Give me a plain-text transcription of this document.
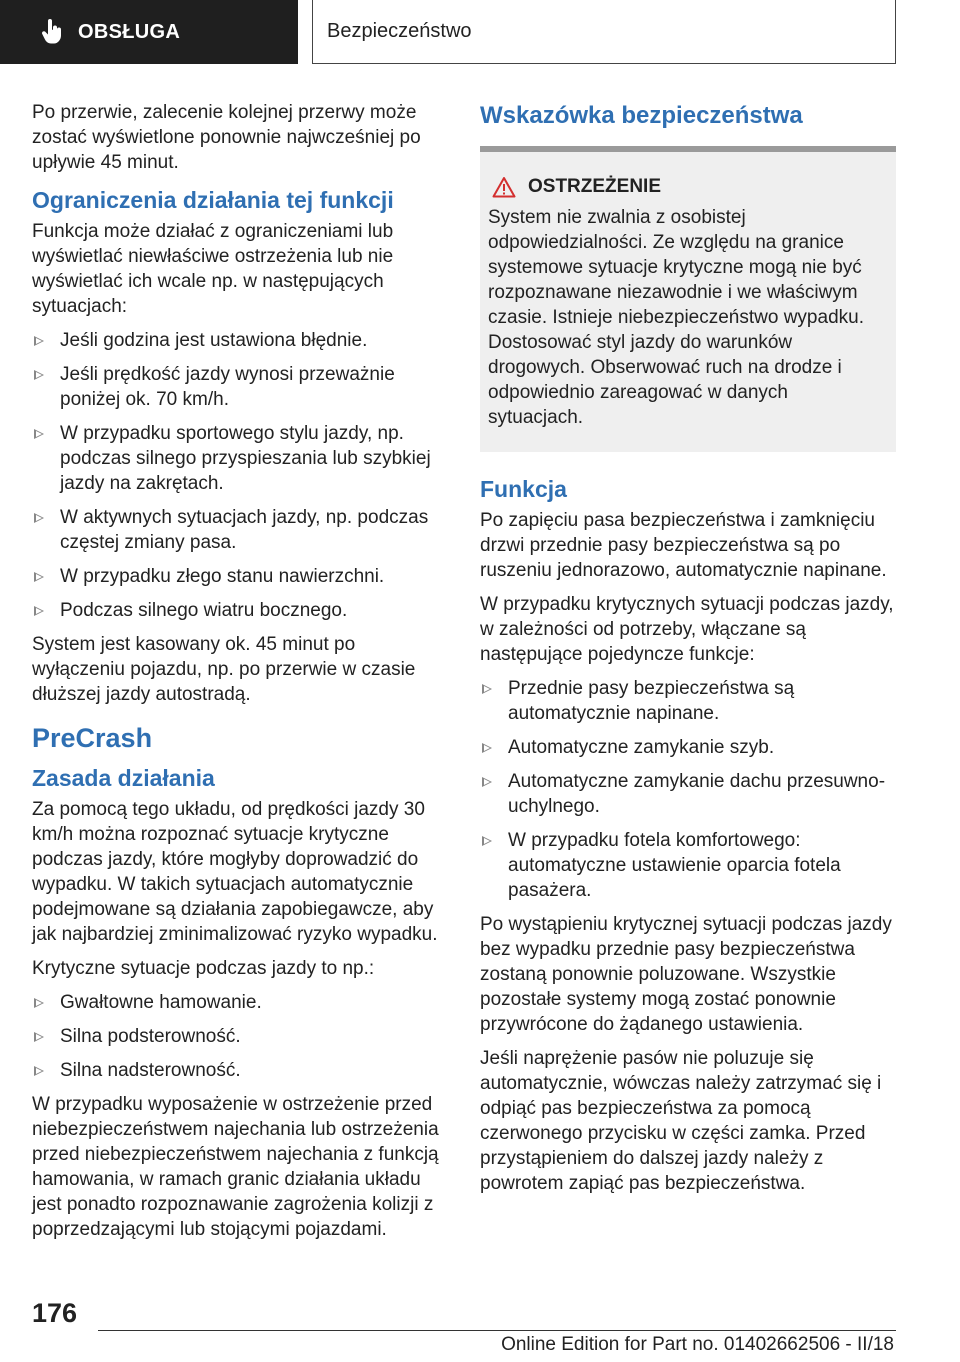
OBSŁUGA	Bezpieczeństwo

Po przerwie, zalecenie kolejnej przerwy może zostać wyświetlone ponownie najwcześniej po upływie 45 minut.

Ograniczenia działania tej funkcji

Funkcja może działać z ograniczeniami lub wyświetlać niewłaściwe ostrzeżenia lub nie wyświetlać ich wcale np. w następujących sytuacjach:

Jeśli godzina jest ustawiona błędnie.
Jeśli prędkość jazdy wynosi przeważnie poniżej ok. 70 km/h.
W przypadku sportowego stylu jazdy, np. podczas silnego przyspieszania lub szybkiej jazdy na zakrętach.
W aktywnych sytuacjach jazdy, np. podczas częstej zmiany pasa.
W przypadku złego stanu nawierzchni.
Podczas silnego wiatru bocznego.

System jest kasowany ok. 45 minut po wyłączeniu pojazdu, np. po przerwie w czasie dłuższej jazdy autostradą.

PreCrash
Zasada działania

Za pomocą tego układu, od prędkości jazdy 30 km/h można rozpoznać sytuacje krytyczne podczas jazdy, które mogłyby doprowadzić do wypadku. W takich sytuacjach automatycznie podejmowane są działania zapobiegawcze, aby jak najbardziej zminimalizować ryzyko wypadku.

Krytyczne sytuacje podczas jazdy to np.:

Gwałtowne hamowanie.
Silna podsterowność.
Silna nadsterowność.

W przypadku wyposażenie w ostrzeżenie przed niebezpieczeństwem najechania lub ostrzeżenia przed niebezpieczeństwem najechania z funkcją hamowania, w ramach granic działania układu jest ponadto rozpoznawanie zagrożenia kolizji z poprzedzającymi lub stojącymi pojazdami.

Wskazówka bezpieczeństwa
OSTRZEŻENIE
System nie zwalnia z osobistej odpowiedzialności. Ze względu na granice systemowe sytuacje krytyczne mogą nie być rozpoznawane niezawodnie i we właściwym czasie. Istnieje niebezpieczeństwo wypadku. Dostosować styl jazdy do warunków drogowych. Obserwować ruch na drodze i odpowiednio zareagować w danych sytuacjach.
Funkcja

Po zapięciu pasa bezpieczeństwa i zamknięciu drzwi przednie pasy bezpieczeństwa są po ruszeniu jednorazowo, automatycznie napinane.

W przypadku krytycznych sytuacji podczas jazdy, w zależności od potrzeby, włączane są następujące pojedyncze funkcje:

Przednie pasy bezpieczeństwa są automatycznie napinane.
Automatyczne zamykanie szyb.
Automatyczne zamykanie dachu przesuwno-uchylnego.
W przypadku fotela komfortowego: automatyczne ustawienie oparcia fotela pasażera.

Po wystąpieniu krytycznej sytuacji podczas jazdy bez wypadku przednie pasy bezpieczeństwa zostaną ponownie poluzowane. Wszystkie pozostałe systemy mogą zostać ponownie przywrócone do żądanego ustawienia.

Jeśli naprężenie pasów nie poluzuje się automatycznie, wówczas należy zatrzymać się i odpiąć pas bezpieczeństwa za pomocą czerwonego przycisku w części zamka. Przed przystąpieniem do dalszej jazdy należy z powrotem zapiąć pas bezpieczeństwa.

176
Online Edition for Part no. 01402662506 - II/18
